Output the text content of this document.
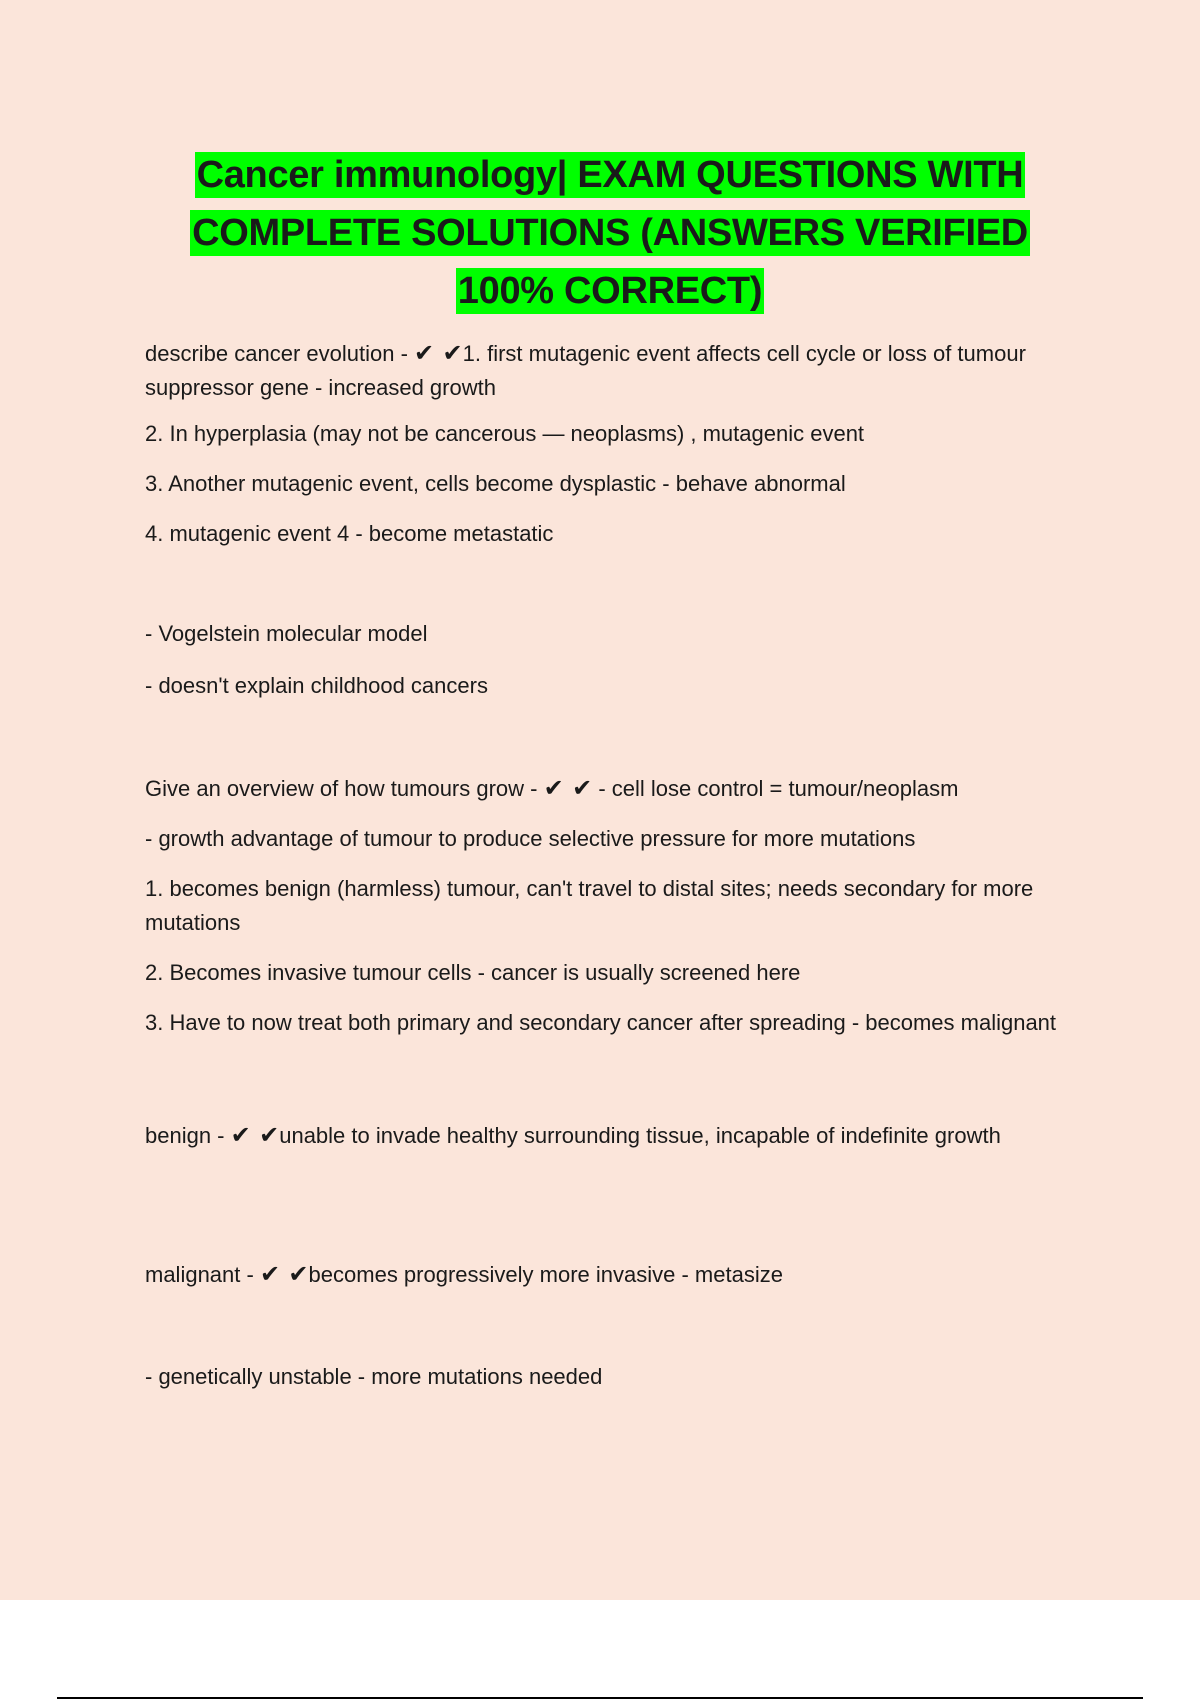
Cancer immunology| EXAM QUESTIONS WITH COMPLETE SOLUTIONS (ANSWERS VERIFIED 100% CORRECT)

describe cancer evolution - ✔ ✔1. first mutagenic event affects cell cycle or loss of tumour suppressor gene - increased growth

2. In hyperplasia (may not be cancerous — neoplasms) , mutagenic event

3. Another mutagenic event, cells become dysplastic - behave abnormal

4. mutagenic event 4 - become metastatic

- Vogelstein molecular model

- doesn't explain childhood cancers

Give an overview of how tumours grow - ✔ ✔ - cell lose control = tumour/neoplasm

- growth advantage of tumour to produce selective pressure for more mutations

1. becomes benign (harmless) tumour, can't travel to distal sites; needs secondary for more mutations

2. Becomes invasive tumour cells - cancer is usually screened here

3. Have to now treat both primary and secondary cancer after spreading - becomes malignant

benign - ✔ ✔unable to invade healthy surrounding tissue, incapable of indefinite growth

malignant - ✔ ✔becomes progressively more invasive - metasize

- genetically unstable - more mutations needed
